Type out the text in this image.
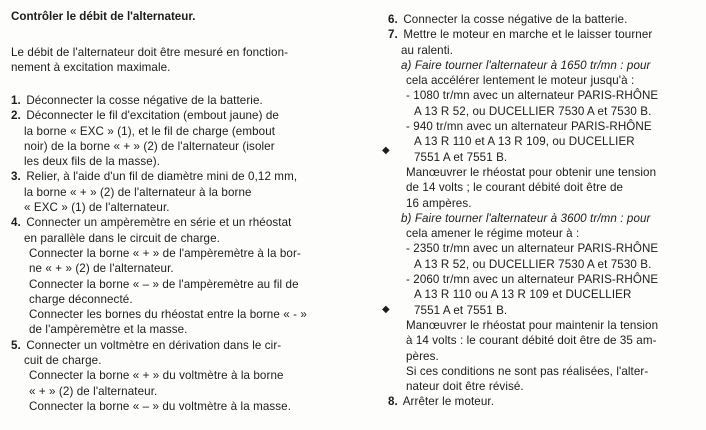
Contrôler le débit de l'alternateur.
Le débit de l'alternateur doit être mesuré en fonction-
nement à excitation maximale.
1. Déconnecter la cosse négative de la batterie.
2. Déconnecter le fil d'excitation (embout jaune) de
la borne « EXC » (1), et le fil de charge (embout
noir) de la borne « + » (2) de l'alternateur (isoler
les deux fils de la masse).
3. Relier, à l'aide d'un fil de diamètre mini de 0,12 mm,
la borne « + » (2) de l'alternateur à la borne
« EXC » (1) de l'alternateur.
4. Connecter un ampèremètre en série et un rhéostat
en parallèle dans le circuit de charge.
Connecter la borne « + » de l'ampèremètre à la bor-
ne « + » (2) de l'alternateur.
Connecter la borne « – » de l'ampèremètre au fil de
charge déconnecté.
Connecter les bornes du rhéostat entre la borne « - »
de l'ampèremètre et la masse.
5. Connecter un voltmètre en dérivation dans le cir-
cuit de charge.
Connecter la borne « + » du voltmètre à la borne
« + » (2) de l'alternateur.
Connecter la borne « – » du voltmètre à la masse.
6. Connecter la cosse négative de la batterie.
7. Mettre le moteur en marche et le laisser tourner
au ralenti.
a) Faire tourner l'alternateur à 1650 tr/mn : pour
cela accélérer lentement le moteur jusqu'à :
- 1080 tr/mn avec un alternateur PARIS-RHÔNE
A 13 R 52, ou DUCELLIER 7530 A et 7530 B.
- 940 tr/mn avec un alternateur PARIS-RHÔNE
A 13 R 110 et A 13 R 109, ou DUCELLIER
7551 A et 7551 B.
Manœuvrer le rhéostat pour obtenir une tension
de 14 volts ; le courant débité doit être de
16 ampères.
b) Faire tourner l'alternateur à 3600 tr/mn : pour
cela amener le régime moteur à :
- 2350 tr/mn avec un alternateur PARIS-RHÔNE
A 13 R 52, ou DUCELLIER 7530 A et 7530 B.
- 2060 tr/mn avec un alternateur PARIS-RHÔNE
A 13 R 110 ou A 13 R 109 et DUCELLIER
7551 A et 7551 B.
Manœuvrer le rhéostat pour maintenir la tension
à 14 volts : le courant débité doit être de 35 am-
pères.
Si ces conditions ne sont pas réalisées, l'alter-
nateur doit être révisé.
8. Arrêter le moteur.
◆
◆
